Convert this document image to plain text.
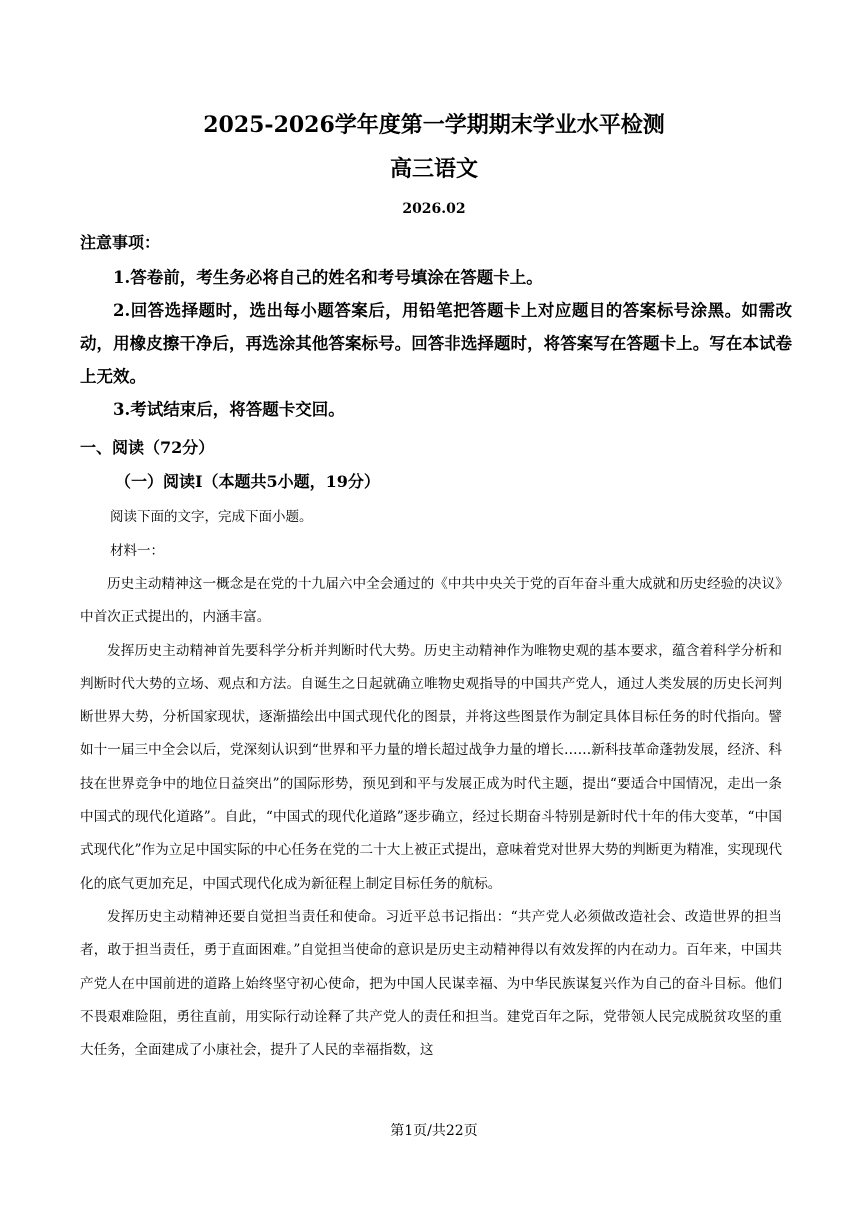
2025-2026学年度第一学期期末学业水平检测
高三语文
2026.02
注意事项：

1.答卷前，考生务必将自己的姓名和考号填涂在答题卡上。

2.回答选择题时，选出每小题答案后，用铅笔把答题卡上对应题目的答案标号涂黑。如需改动，用橡皮擦干净后，再选涂其他答案标号。回答非选择题时，将答案写在答题卡上。写在本试卷上无效。

3.考试结束后，将答题卡交回。

一、阅读（72分）
（一）阅读Ⅰ（本题共5小题，19分）
阅读下面的文字，完成下面小题。
材料一：

历史主动精神这一概念是在党的十九届六中全会通过的《中共中央关于党的百年奋斗重大成就和历史经验的决议》中首次正式提出的，内涵丰富。

发挥历史主动精神首先要科学分析并判断时代大势。历史主动精神作为唯物史观的基本要求，蕴含着科学分析和判断时代大势的立场、观点和方法。自诞生之日起就确立唯物史观指导的中国共产党人，通过人类发展的历史长河判断世界大势，分析国家现状，逐渐描绘出中国式现代化的图景，并将这些图景作为制定具体目标任务的时代指向。譬如十一届三中全会以后，党深刻认识到“世界和平力量的增长超过战争力量的增长……新科技革命蓬勃发展，经济、科技在世界竞争中的地位日益突出”的国际形势，预见到和平与发展正成为时代主题，提出“要适合中国情况，走出一条中国式的现代化道路”。自此，“中国式的现代化道路”逐步确立，经过长期奋斗特别是新时代十年的伟大变革，“中国式现代化”作为立足中国实际的中心任务在党的二十大上被正式提出，意味着党对世界大势的判断更为精准，实现现代化的底气更加充足，中国式现代化成为新征程上制定目标任务的航标。

发挥历史主动精神还要自觉担当责任和使命。习近平总书记指出：“共产党人必须做改造社会、改造世界的担当者，敢于担当责任，勇于直面困难。”自觉担当使命的意识是历史主动精神得以有效发挥的内在动力。百年来，中国共产党人在中国前进的道路上始终坚守初心使命，把为中国人民谋幸福、为中华民族谋复兴作为自己的奋斗目标。他们不畏艰难险阻，勇往直前，用实际行动诠释了共产党人的责任和担当。建党百年之际，党带领人民完成脱贫攻坚的重大任务，全面建成了小康社会，提升了人民的幸福指数，这

第1页/共22页
